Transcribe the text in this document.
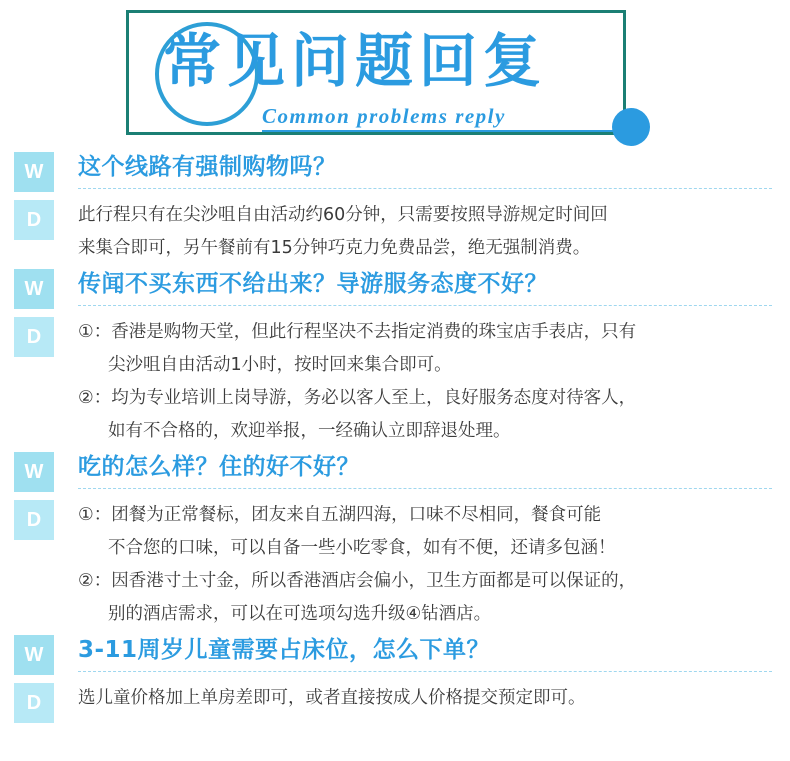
常见问题回复
Common problems reply
W
D
这个线路有强制购物吗？
此行程只有在尖沙咀自由活动约60分钟，只需要按照导游规定时间回
来集合即可，另午餐前有15分钟巧克力免费品尝，绝无强制消费。
W
D
传闻不买东西不给出来？导游服务态度不好？
①：香港是购物天堂，但此行程坚决不去指定消费的珠宝店手表店，只有
尖沙咀自由活动1小时，按时回来集合即可。
②：均为专业培训上岗导游，务必以客人至上，良好服务态度对待客人，
如有不合格的，欢迎举报，一经确认立即辞退处理。
W
D
吃的怎么样？住的好不好？
①：团餐为正常餐标，团友来自五湖四海，口味不尽相同，餐食可能
不合您的口味，可以自备一些小吃零食，如有不便，还请多包涵！
②：因香港寸土寸金，所以香港酒店会偏小，卫生方面都是可以保证的，
别的酒店需求，可以在可选项勾选升级④钻酒店。
W
D
3-11周岁儿童需要占床位，怎么下单？
选儿童价格加上单房差即可，或者直接按成人价格提交预定即可。
